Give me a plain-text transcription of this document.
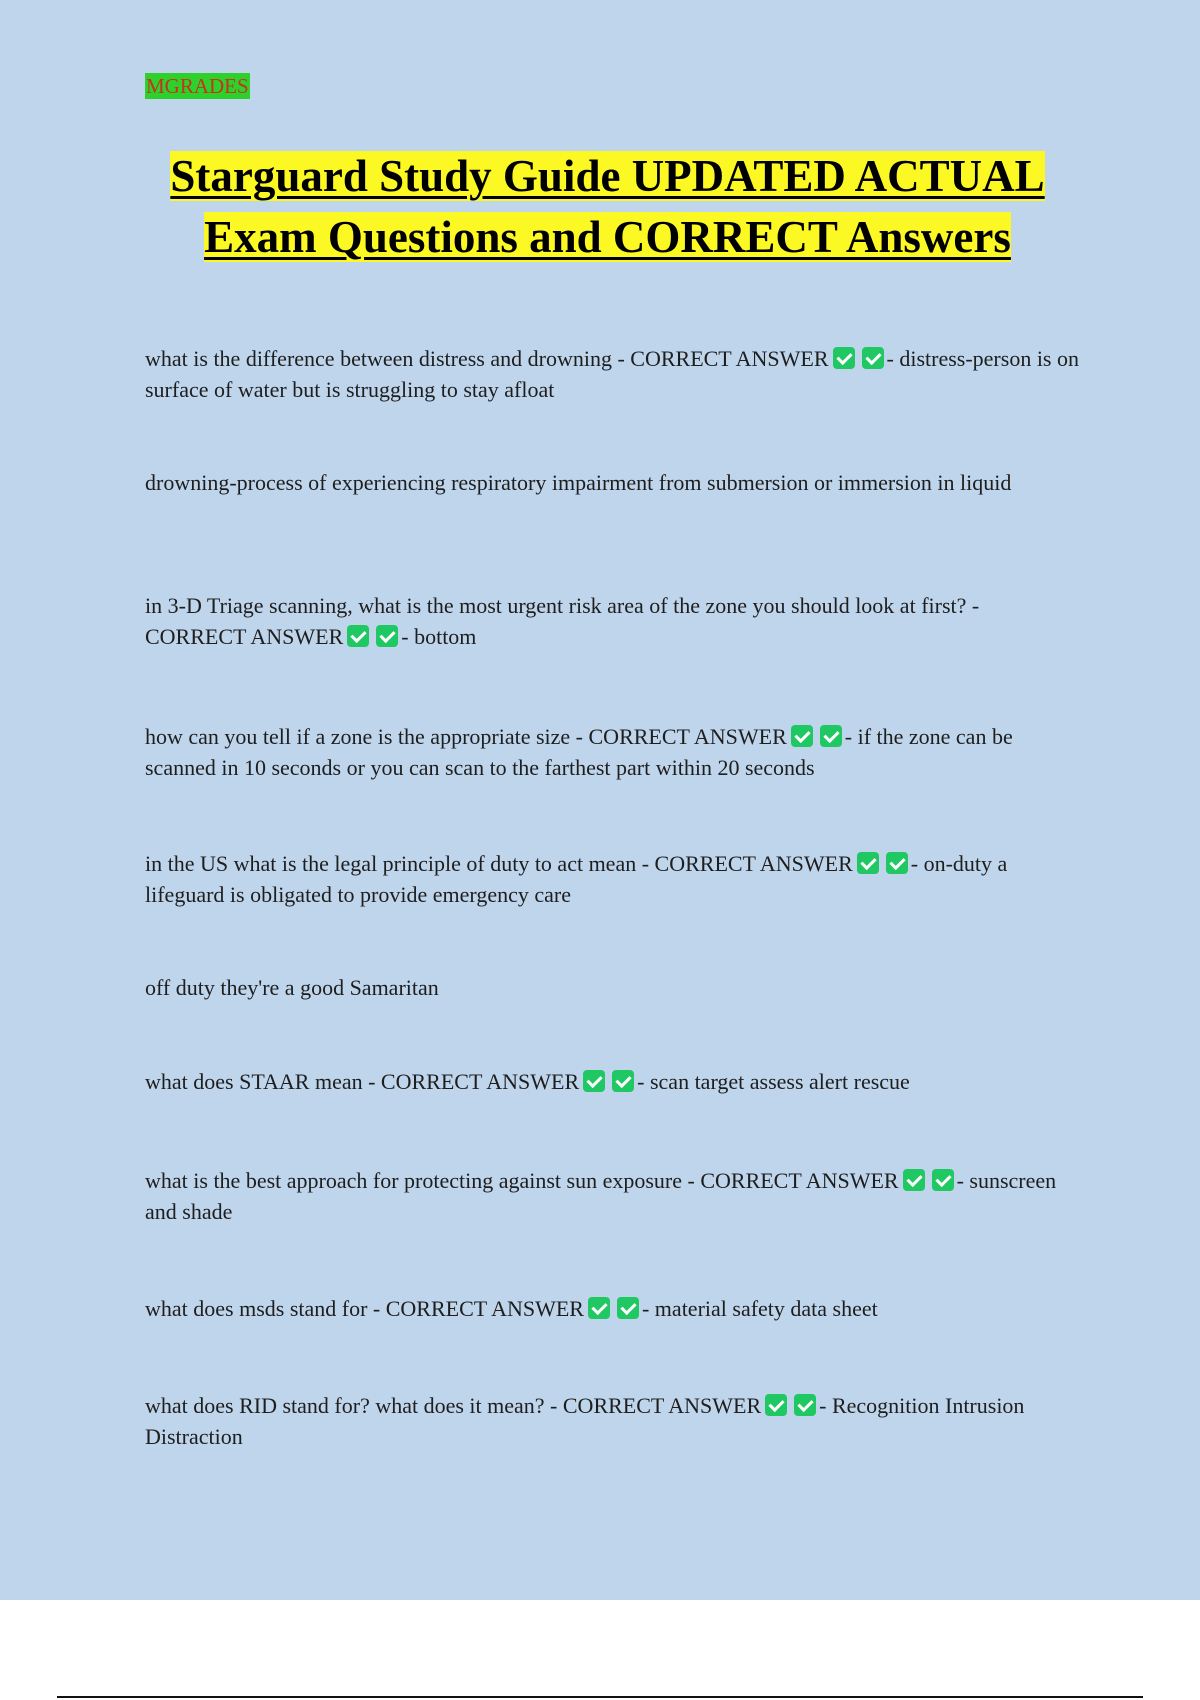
MGRADES
Starguard Study Guide UPDATED ACTUAL Exam Questions and CORRECT Answers
what is the difference between distress and drowning - CORRECT ANSWER	- distress-person is on surface of water but is struggling to stay afloat
drowning-process of experiencing respiratory impairment from submersion or immersion in liquid
in 3-D Triage scanning, what is the most urgent risk area of the zone you should look at first? - CORRECT ANSWER	- bottom
how can you tell if a zone is the appropriate size - CORRECT ANSWER	- if the zone can be scanned in 10 seconds or you can scan to the farthest part within 20 seconds
in the US what is the legal principle of duty to act mean - CORRECT ANSWER	- on-duty a lifeguard is obligated to provide emergency care
off duty they're a good Samaritan
what does STAAR mean - CORRECT ANSWER	- scan target assess alert rescue
what is the best approach for protecting against sun exposure - CORRECT ANSWER	- sunscreen and shade
what does msds stand for - CORRECT ANSWER	- material safety data sheet
what does RID stand for? what does it mean? - CORRECT ANSWER	- Recognition Intrusion Distraction
